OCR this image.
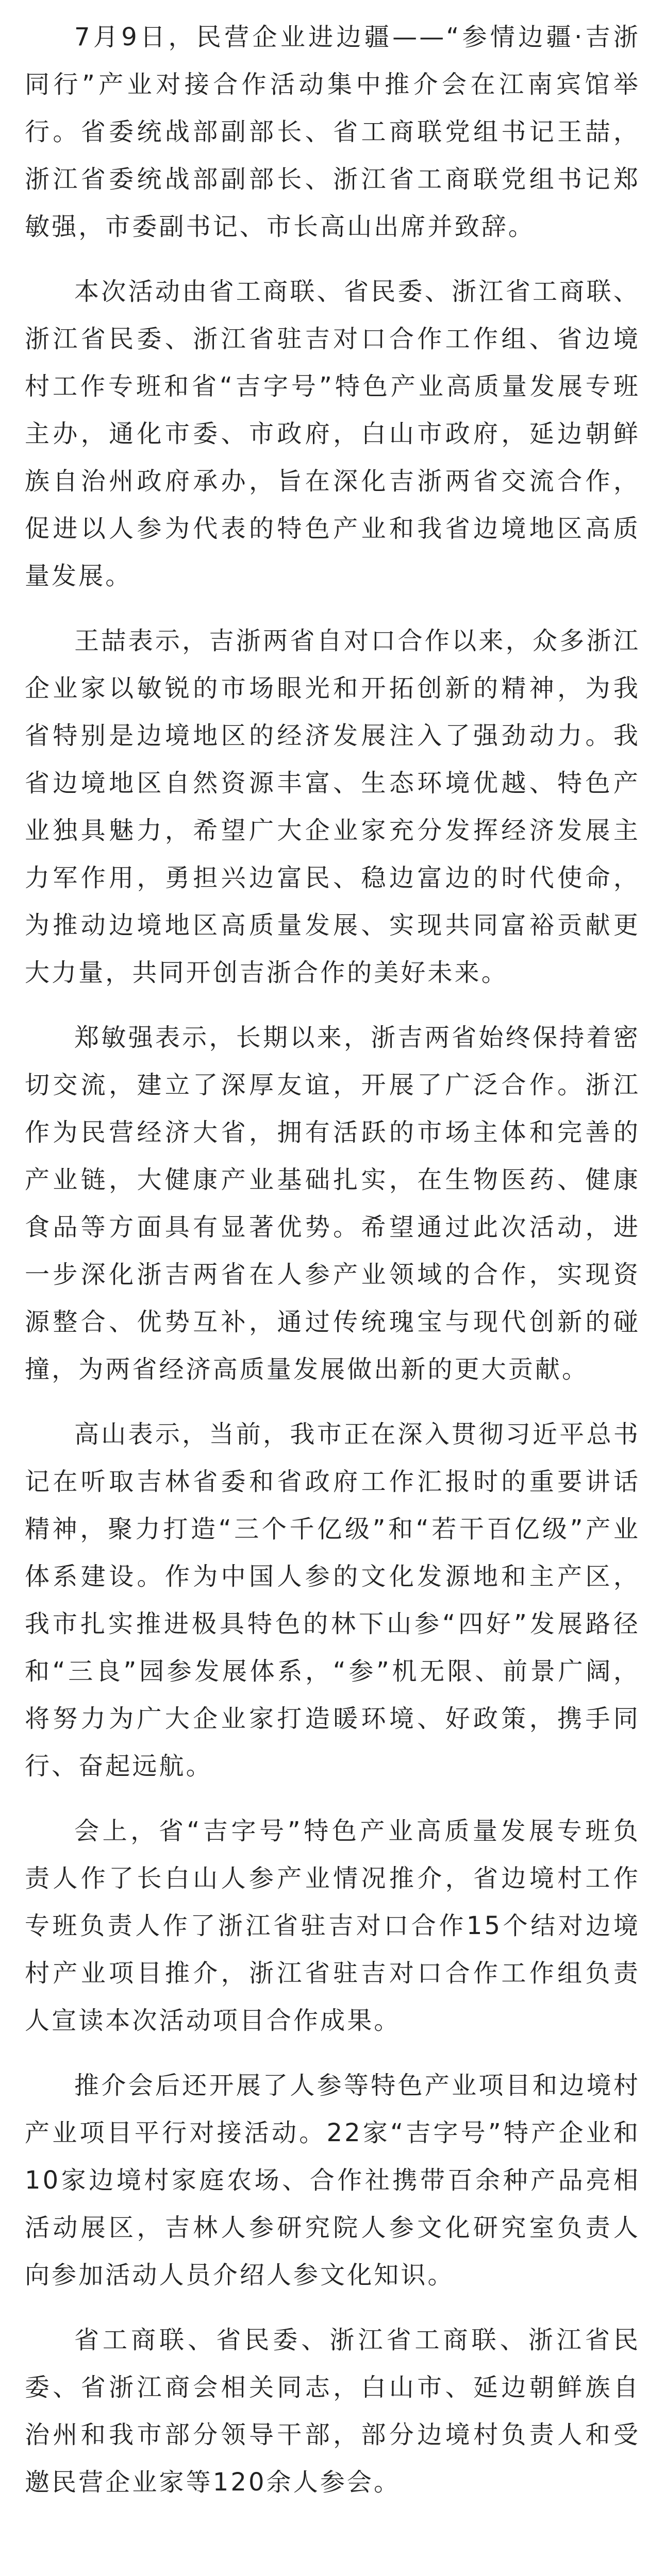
7月9日，民营企业进边疆——“参情边疆·吉浙同行”产业对接合作活动集中推介会在江南宾馆举行。省委统战部副部长、省工商联党组书记王喆，浙江省委统战部副部长、浙江省工商联党组书记郑敏强，市委副书记、市长高山出席并致辞。

本次活动由省工商联、省民委、浙江省工商联、浙江省民委、浙江省驻吉对口合作工作组、省边境村工作专班和省“吉字号”特色产业高质量发展专班主办，通化市委、市政府，白山市政府，延边朝鲜族自治州政府承办，旨在深化吉浙两省交流合作，促进以人参为代表的特色产业和我省边境地区高质量发展。

王喆表示，吉浙两省自对口合作以来，众多浙江企业家以敏锐的市场眼光和开拓创新的精神，为我省特别是边境地区的经济发展注入了强劲动力。我省边境地区自然资源丰富、生态环境优越、特色产业独具魅力，希望广大企业家充分发挥经济发展主力军作用，勇担兴边富民、稳边富边的时代使命，为推动边境地区高质量发展、实现共同富裕贡献更大力量，共同开创吉浙合作的美好未来。

郑敏强表示，长期以来，浙吉两省始终保持着密切交流，建立了深厚友谊，开展了广泛合作。浙江作为民营经济大省，拥有活跃的市场主体和完善的产业链，大健康产业基础扎实，在生物医药、健康食品等方面具有显著优势。希望通过此次活动，进一步深化浙吉两省在人参产业领域的合作，实现资源整合、优势互补，通过传统瑰宝与现代创新的碰撞，为两省经济高质量发展做出新的更大贡献。

高山表示，当前，我市正在深入贯彻习近平总书记在听取吉林省委和省政府工作汇报时的重要讲话精神，聚力打造“三个千亿级”和“若干百亿级”产业体系建设。作为中国人参的文化发源地和主产区，我市扎实推进极具特色的林下山参“四好”发展路径和“三良”园参发展体系，“参”机无限、前景广阔，将努力为广大企业家打造暖环境、好政策，携手同行、奋起远航。

会上，省“吉字号”特色产业高质量发展专班负责人作了长白山人参产业情况推介，省边境村工作专班负责人作了浙江省驻吉对口合作15个结对边境村产业项目推介，浙江省驻吉对口合作工作组负责人宣读本次活动项目合作成果。

推介会后还开展了人参等特色产业项目和边境村产业项目平行对接活动。22家“吉字号”特产企业和10家边境村家庭农场、合作社携带百余种产品亮相活动展区，吉林人参研究院人参文化研究室负责人向参加活动人员介绍人参文化知识。

省工商联、省民委、浙江省工商联、浙江省民委、省浙江商会相关同志，白山市、延边朝鲜族自治州和我市部分领导干部，部分边境村负责人和受邀民营企业家等120余人参会。
